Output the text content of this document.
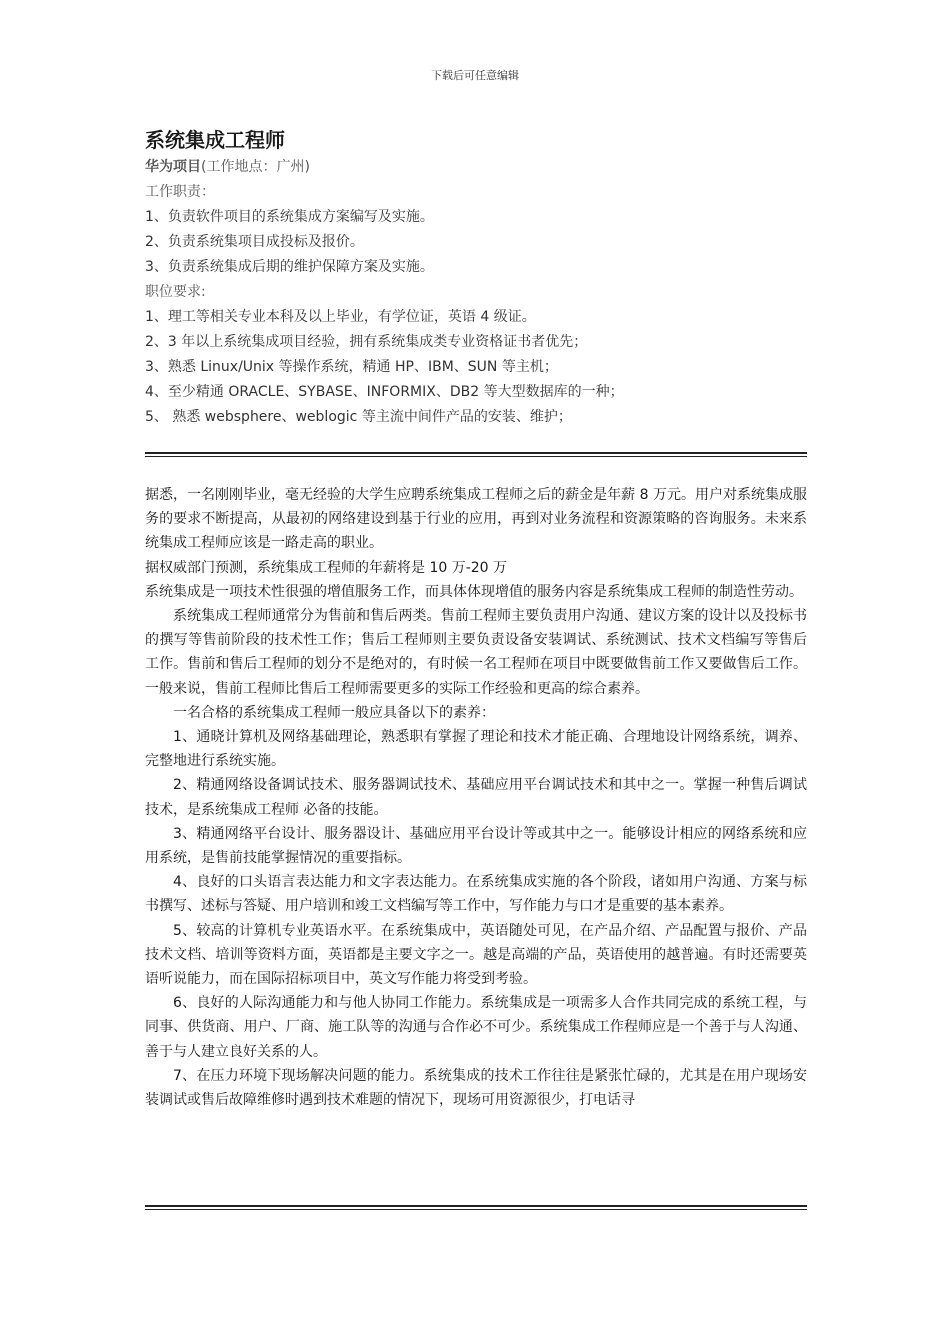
下载后可任意编辑
系统集成工程师
华为项目(工作地点：广州)
工作职责：
1、负责软件项目的系统集成方案编写及实施。
2、负责系统集项目成投标及报价。
3、负责系统集成后期的维护保障方案及实施。
职位要求:
1、理工等相关专业本科及以上毕业，有学位证，英语 4 级证。
2、3 年以上系统集成项目经验，拥有系统集成类专业资格证书者优先；
3、熟悉 Linux/Unix 等操作系统，精通 HP、IBM、SUN 等主机；
4、至少精通 ORACLE、SYBASE、INFORMIX、DB2 等大型数据库的一种；
5、 熟悉 websphere、weblogic 等主流中间件产品的安装、维护；

据悉，一名刚刚毕业，毫无经验的大学生应聘系统集成工程师之后的薪金是年薪 8 万元。用户对系统集成服务的要求不断提高，从最初的网络建设到基于行业的应用，再到对业务流程和资源策略的咨询服务。未来系统集成工程师应该是一路走高的职业。

据权威部门预测，系统集成工程师的年薪将是 10 万-20 万

系统集成是一项技术性很强的增值服务工作，而具体体现增值的服务内容是系统集成工程师的制造性劳动。

系统集成工程师通常分为售前和售后两类。售前工程师主要负责用户沟通、建议方案的设计以及投标书的撰写等售前阶段的技术性工作；售后工程师则主要负责设备安装调试、系统测试、技术文档编写等售后 工作。售前和售后工程师的划分不是绝对的，有时候一名工程师在项目中既要做售前工作又要做售后工作。一般来说，售前工程师比售后工程师需要更多的实际工作经验和更高的综合素养。

一名合格的系统集成工程师一般应具备以下的素养：

1、通晓计算机及网络基础理论，熟悉职有掌握了理论和技术才能正确、合理地设计网络系统，调养、完整地进行系统实施。

2、精通网络设备调试技术、服务器调试技术、基础应用平台调试技术和其中之一。掌握一种售后调试技术，是系统集成工程师 必备的技能。

3、精通网络平台设计、服务器设计、基础应用平台设计等或其中之一。能够设计相应的网络系统和应用系统，是售前技能掌握情况的重要指标。

4、良好的口头语言表达能力和文字表达能力。在系统集成实施的各个阶段，诸如用户沟通、方案与标书撰写、述标与答疑、用户培训和竣工文档编写等工作中，写作能力与口才是重要的基本素养。

5、较高的计算机专业英语水平。在系统集成中，英语随处可见，在产品介绍、产品配置与报价、产品技术文档、培训等资料方面，英语都是主要文字之一。越是高端的产品，英语使用的越普遍。有时还需要英语听说能力，而在国际招标项目中，英文写作能力将受到考验。

6、良好的人际沟通能力和与他人协同工作能力。系统集成是一项需多人合作共同完成的系统工程，与同事、供货商、用户、厂商、施工队等的沟通与合作必不可少。系统集成工作程师应是一个善于与人沟通、善于与人建立良好关系的人。

7、在压力环境下现场解决问题的能力。系统集成的技术工作往往是紧张忙碌的，尤其是在用户现场安装调试或售后故障维修时遇到技术难题的情况下，现场可用资源很少，打电话寻
